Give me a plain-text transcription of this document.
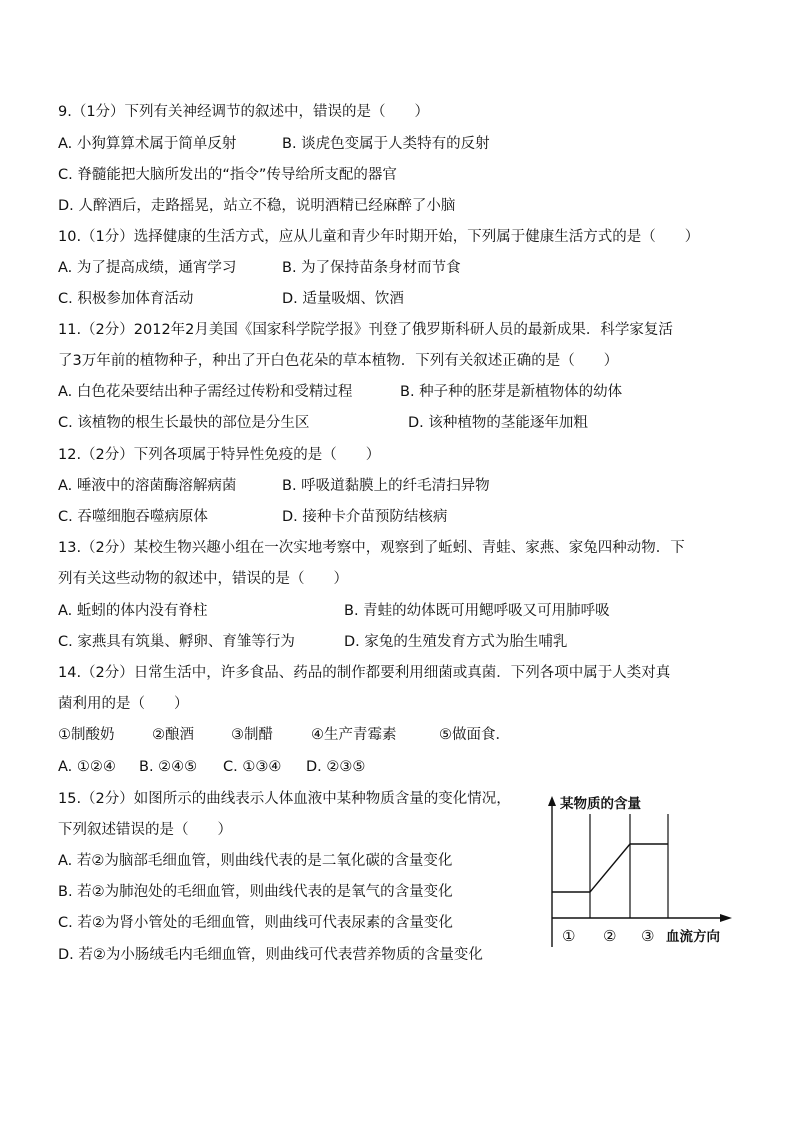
9.（1分）下列有关神经调节的叙述中，错误的是（　　）
A. 小狗算算术属于简单反射	B. 谈虎色变属于人类特有的反射
C. 脊髓能把大脑所发出的“指令”传导给所支配的器官
D. 人醉酒后，走路摇晃，站立不稳，说明酒精已经麻醉了小脑
10.（1分）选择健康的生活方式，应从儿童和青少年时期开始，下列属于健康生活方式的是（　　）
A. 为了提高成绩，通宵学习	B. 为了保持苗条身材而节食
C. 积极参加体育活动	D. 适量吸烟、饮酒
11.（2分）2012年2月美国《国家科学院学报》刊登了俄罗斯科研人员的最新成果．科学家复活
了3万年前的植物种子，种出了开白色花朵的草本植物．下列有关叙述正确的是（　　）
A. 白色花朵要结出种子需经过传粉和受精过程	B. 种子种的胚芽是新植物体的幼体
C. 该植物的根生长最快的部位是分生区	D. 该种植物的茎能逐年加粗
12.（2分）下列各项属于特异性免疫的是（　　）
A. 唾液中的溶菌酶溶解病菌	B. 呼吸道黏膜上的纤毛清扫异物
C. 吞噬细胞吞噬病原体	D. 接种卡介苗预防结核病
13.（2分）某校生物兴趣小组在一次实地考察中，观察到了蚯蚓、青蛙、家燕、家兔四种动物．下
列有关这些动物的叙述中，错误的是（　　）
A. 蚯蚓的体内没有脊柱	B. 青蛙的幼体既可用鳃呼吸又可用肺呼吸
C. 家燕具有筑巢、孵卵、育雏等行为	D. 家兔的生殖发育方式为胎生哺乳
14.（2分）日常生活中，许多食品、药品的制作都要利用细菌或真菌．下列各项中属于人类对真
菌利用的是（　　）
①制酸奶	②酿酒	③制醋	④生产青霉素	⑤做面食．
A. ①②④ B. ②④⑤ C. ①③④ D. ②③⑤
15.（2分）如图所示的曲线表示人体血液中某种物质含量的变化情况，
下列叙述错误的是（　　）
A. 若②为脑部毛细血管，则曲线代表的是二氧化碳的含量变化
B. 若②为肺泡处的毛细血管，则曲线代表的是氧气的含量变化
C. 若②为肾小管处的毛细血管，则曲线可代表尿素的含量变化
D. 若②为小肠绒毛内毛细血管，则曲线可代表营养物质的含量变化
某物质的含量
① ② ③ 血流方向
